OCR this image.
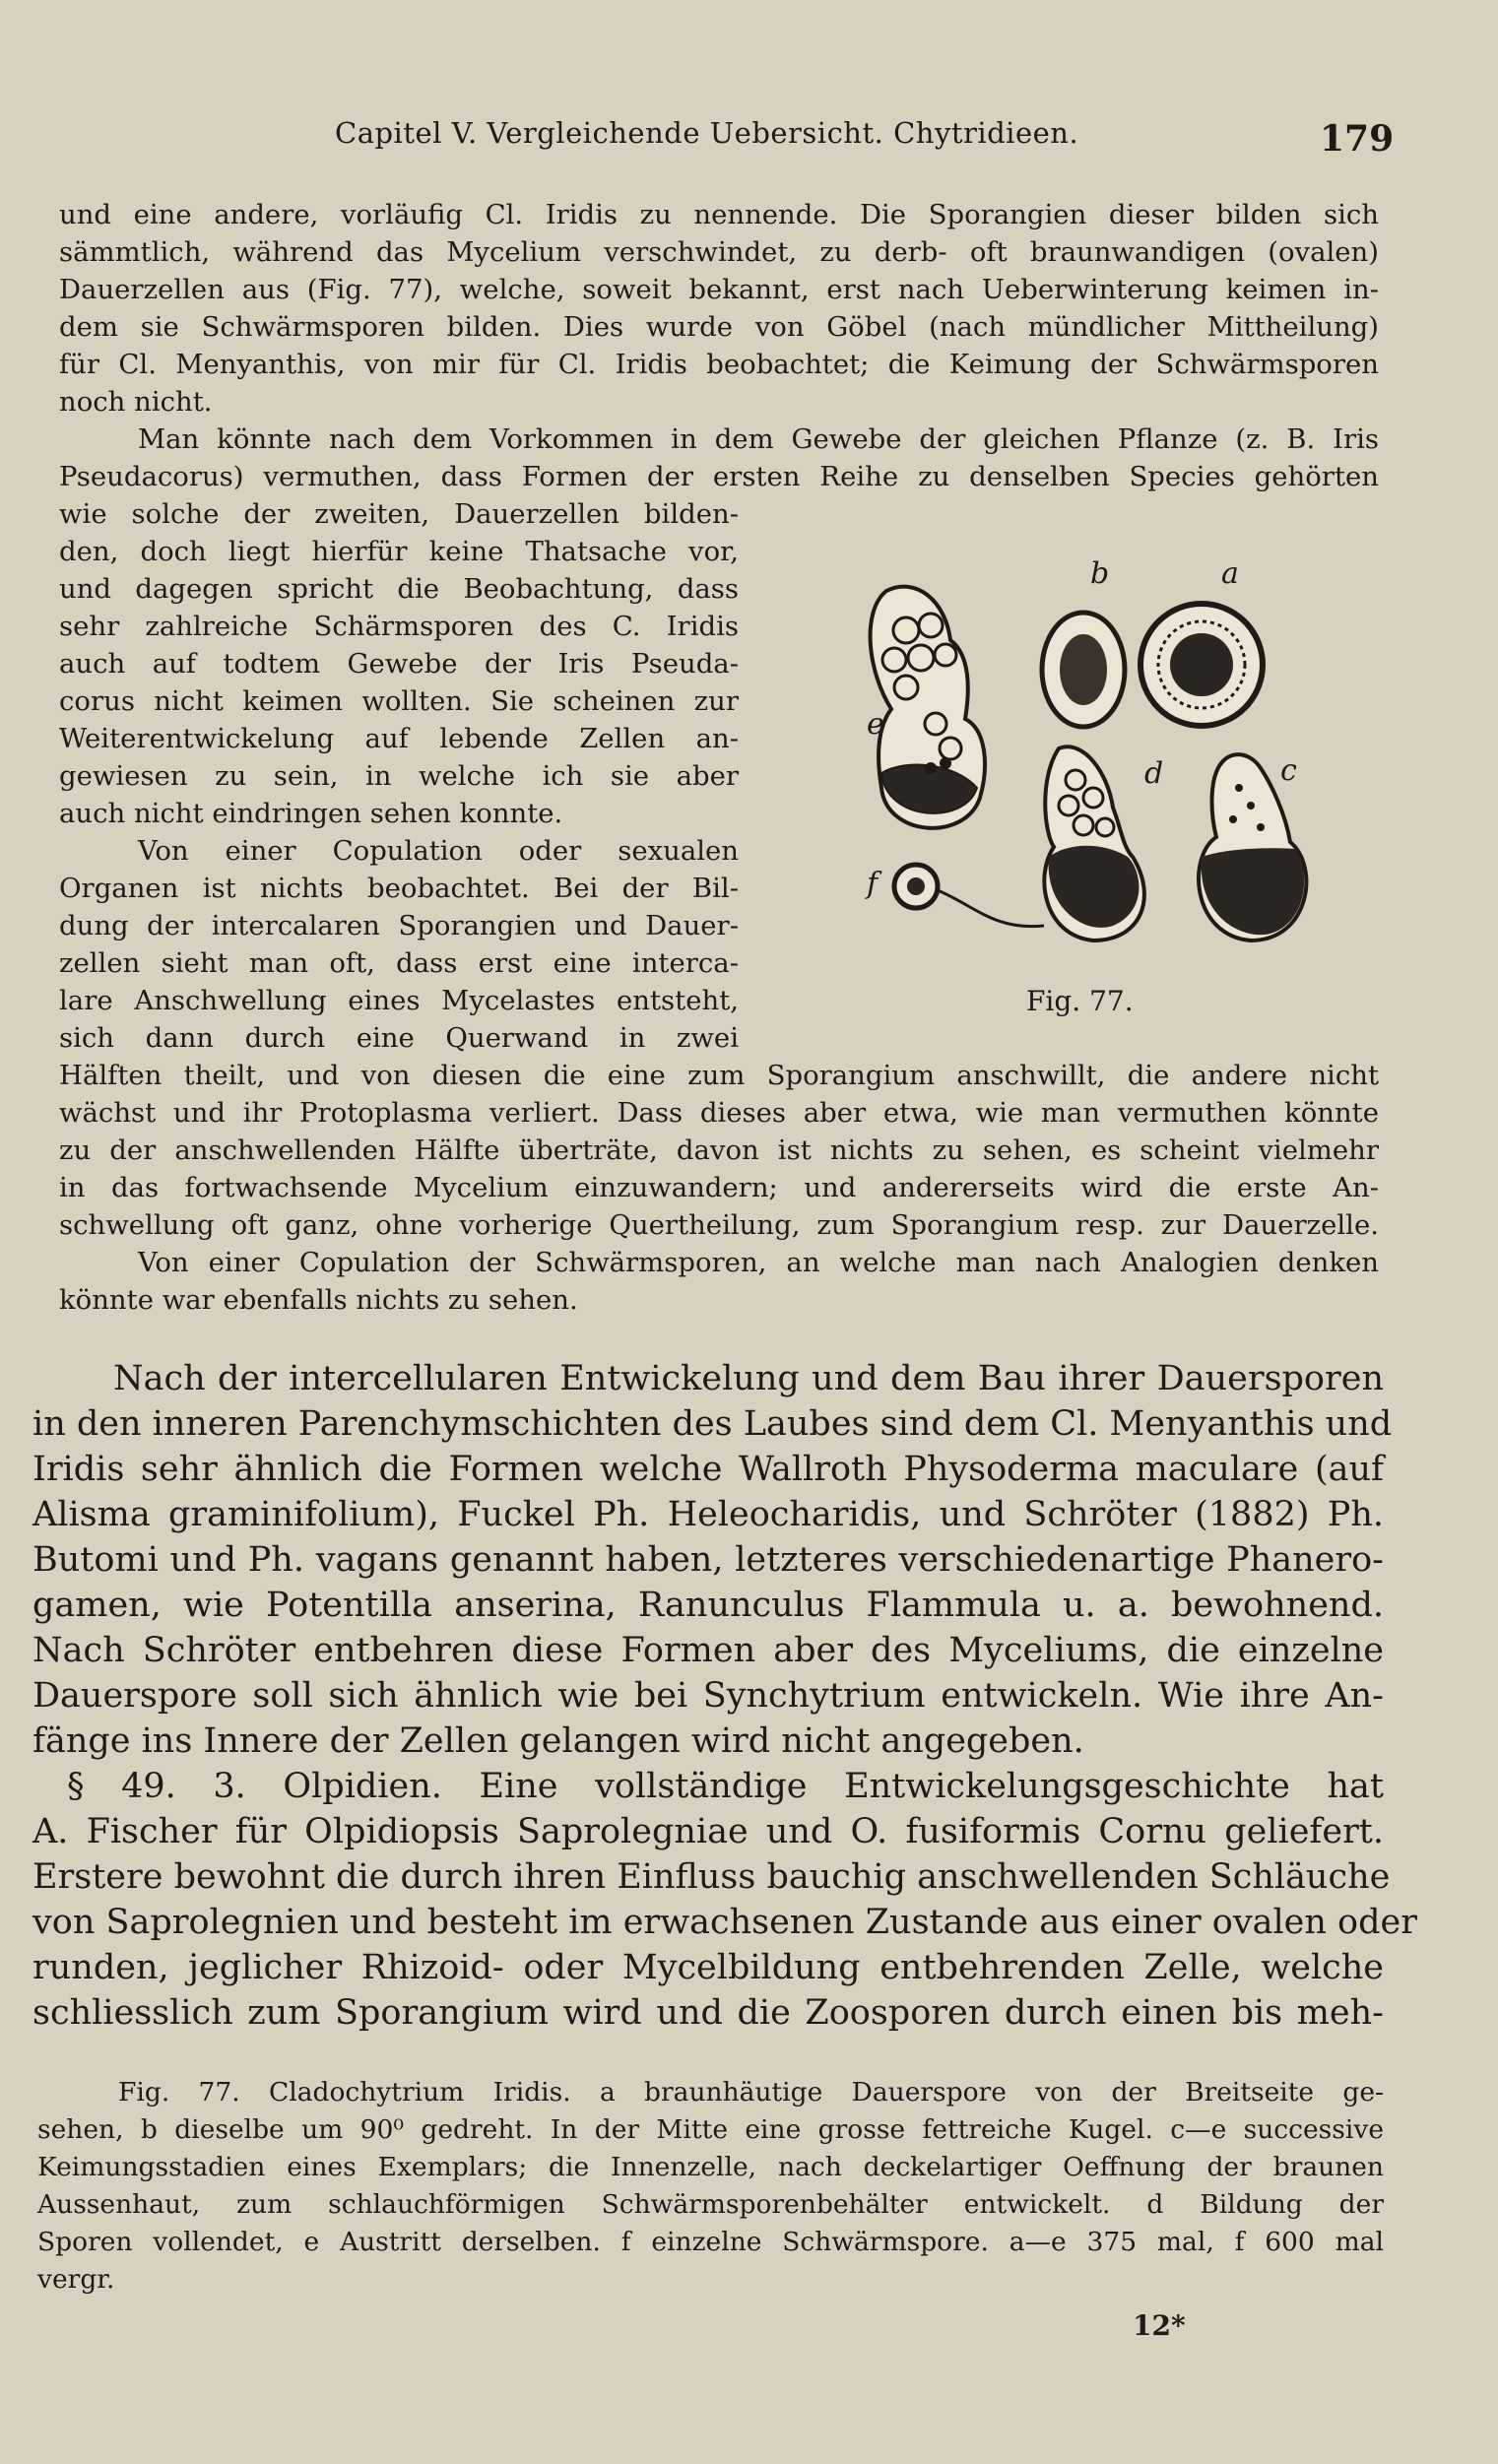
Capitel V. Vergleichende Uebersicht. Chytridieen.	179
und eine andere, vorläufig Cl. Iridis zu nennende. Die Sporangien dieser bilden sich
sämmtlich, während das Mycelium verschwindet, zu derb- oft braunwandigen (ovalen)
Dauerzellen aus (Fig. 77), welche, soweit bekannt, erst nach Ueberwinterung keimen in-
dem sie Schwärmsporen bilden. Dies wurde von Göbel (nach mündlicher Mittheilung)
für Cl. Menyanthis, von mir für Cl. Iridis beobachtet; die Keimung der Schwärmsporen
noch nicht.
Man könnte nach dem Vorkommen in dem Gewebe der gleichen Pflanze (z. B. Iris
Pseudacorus) vermuthen, dass Formen der ersten Reihe zu denselben Species gehörten
wie solche der zweiten, Dauerzellen bilden-
den, doch liegt hierfür keine Thatsache vor,
und dagegen spricht die Beobachtung, dass
sehr zahlreiche Schärmsporen des C. Iridis
auch auf todtem Gewebe der Iris Pseuda-
corus nicht keimen wollten. Sie scheinen zur
Weiterentwickelung auf lebende Zellen an-
gewiesen zu sein, in welche ich sie aber
auch nicht eindringen sehen konnte.
Von einer Copulation oder sexualen
Organen ist nichts beobachtet. Bei der Bil-
dung der intercalaren Sporangien und Dauer-
zellen sieht man oft, dass erst eine interca-
lare Anschwellung eines Mycelastes entsteht,
sich dann durch eine Querwand in zwei
Hälften theilt, und von diesen die eine zum Sporangium anschwillt, die andere nicht
wächst und ihr Protoplasma verliert. Dass dieses aber etwa, wie man vermuthen könnte
zu der anschwellenden Hälfte überträte, davon ist nichts zu sehen, es scheint vielmehr
in das fortwachsende Mycelium einzuwandern; und andererseits wird die erste An-
schwellung oft ganz, ohne vorherige Quertheilung, zum Sporangium resp. zur Dauerzelle.
Von einer Copulation der Schwärmsporen, an welche man nach Analogien denken
könnte war ebenfalls nichts zu sehen.
b	a
e
d	c
f
Fig. 77.
Nach der intercellularen Entwickelung und dem Bau ihrer Dauersporen
in den inneren Parenchymschichten des Laubes sind dem Cl. Menyanthis und
Iridis sehr ähnlich die Formen welche Wallroth Physoderma maculare (auf
Alisma graminifolium), Fuckel Ph. Heleocharidis, und Schröter (1882) Ph.
Butomi und Ph. vagans genannt haben, letzteres verschiedenartige Phanero-
gamen, wie Potentilla anserina, Ranunculus Flammula u. a. bewohnend.
Nach Schröter entbehren diese Formen aber des Myceliums, die einzelne
Dauerspore soll sich ähnlich wie bei Synchytrium entwickeln. Wie ihre An-
fänge ins Innere der Zellen gelangen wird nicht angegeben.
§ 49. 3. Olpidien. Eine vollständige Entwickelungsgeschichte hat
A. Fischer für Olpidiopsis Saprolegniae und O. fusiformis Cornu geliefert.
Erstere bewohnt die durch ihren Einfluss bauchig anschwellenden Schläuche
von Saprolegnien und besteht im erwachsenen Zustande aus einer ovalen oder
runden, jeglicher Rhizoid- oder Mycelbildung entbehrenden Zelle, welche
schliesslich zum Sporangium wird und die Zoosporen durch einen bis meh-
Fig. 77. Cladochytrium Iridis. a braunhäutige Dauerspore von der Breitseite ge-
sehen, b dieselbe um 90⁰ gedreht. In der Mitte eine grosse fettreiche Kugel. c—e successive
Keimungsstadien eines Exemplars; die Innenzelle, nach deckelartiger Oeffnung der braunen
Aussenhaut, zum schlauchförmigen Schwärmsporenbehälter entwickelt. d Bildung der
Sporen vollendet, e Austritt derselben. f einzelne Schwärmspore. a—e 375 mal, f 600 mal
vergr.
12*
